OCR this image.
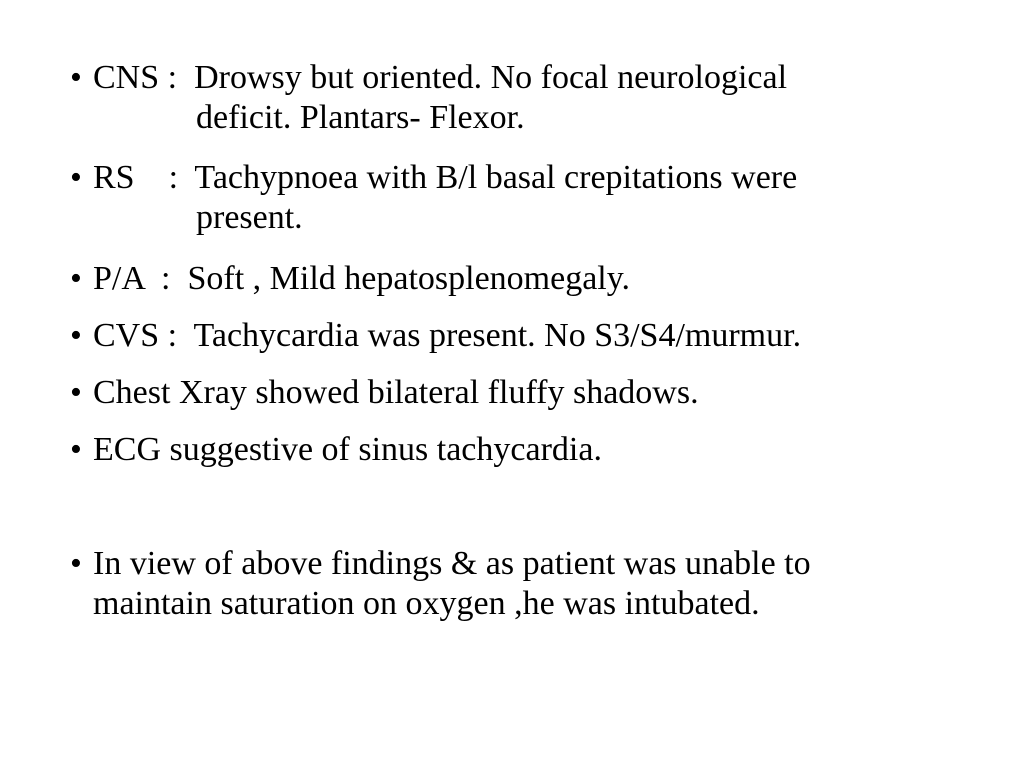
• CNS :  Drowsy but oriented. No focal neurological
deficit. Plantars- Flexor.
• RS    :  Tachypnoea with B/l basal crepitations were
present.
• P/A  :  Soft , Mild hepatosplenomegaly.
• CVS :  Tachycardia was present. No S3/S4/murmur.
• Chest Xray showed bilateral fluffy shadows.
• ECG suggestive of sinus tachycardia.
• In view of above findings & as patient was unable to
maintain saturation on oxygen ,he was intubated.
